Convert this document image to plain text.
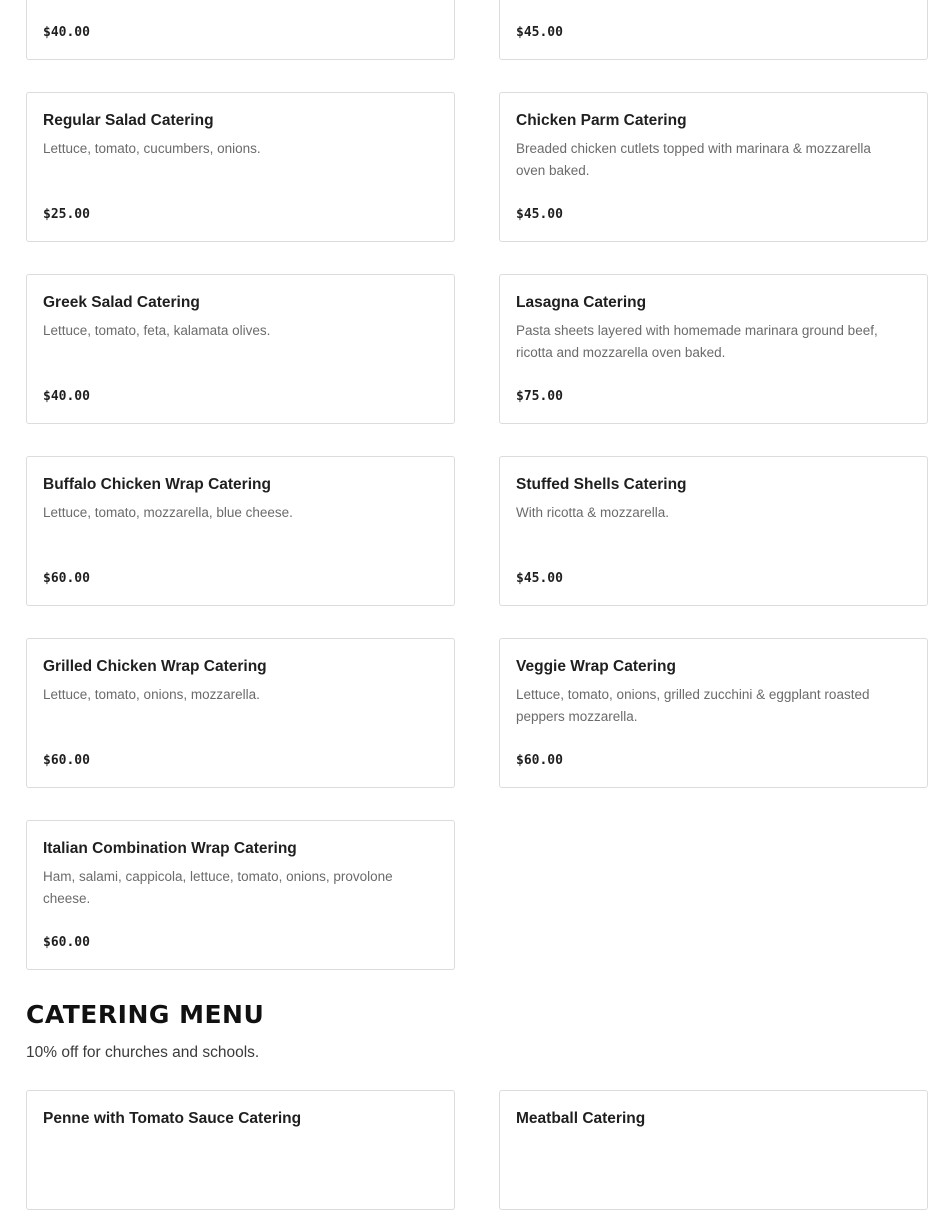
$40.00	$45.00
Regular Salad Catering
Lettuce, tomato, cucumbers, onions.
$25.00
Chicken Parm Catering
Breaded chicken cutlets topped with marinara & mozzarella oven baked.
$45.00
Greek Salad Catering
Lettuce, tomato, feta, kalamata olives.
$40.00
Lasagna Catering
Pasta sheets layered with homemade marinara ground beef, ricotta and mozzarella oven baked.
$75.00
Buffalo Chicken Wrap Catering
Lettuce, tomato, mozzarella, blue cheese.
$60.00
Stuffed Shells Catering
With ricotta & mozzarella.
$45.00
Grilled Chicken Wrap Catering
Lettuce, tomato, onions, mozzarella.
$60.00
Veggie Wrap Catering
Lettuce, tomato, onions, grilled zucchini & eggplant roasted peppers mozzarella.
$60.00
Italian Combination Wrap Catering
Ham, salami, cappicola, lettuce, tomato, onions, provolone cheese.
$60.00
CATERING MENU

10% off for churches and schools.

Penne with Tomato Sauce Catering	Meatball Catering
